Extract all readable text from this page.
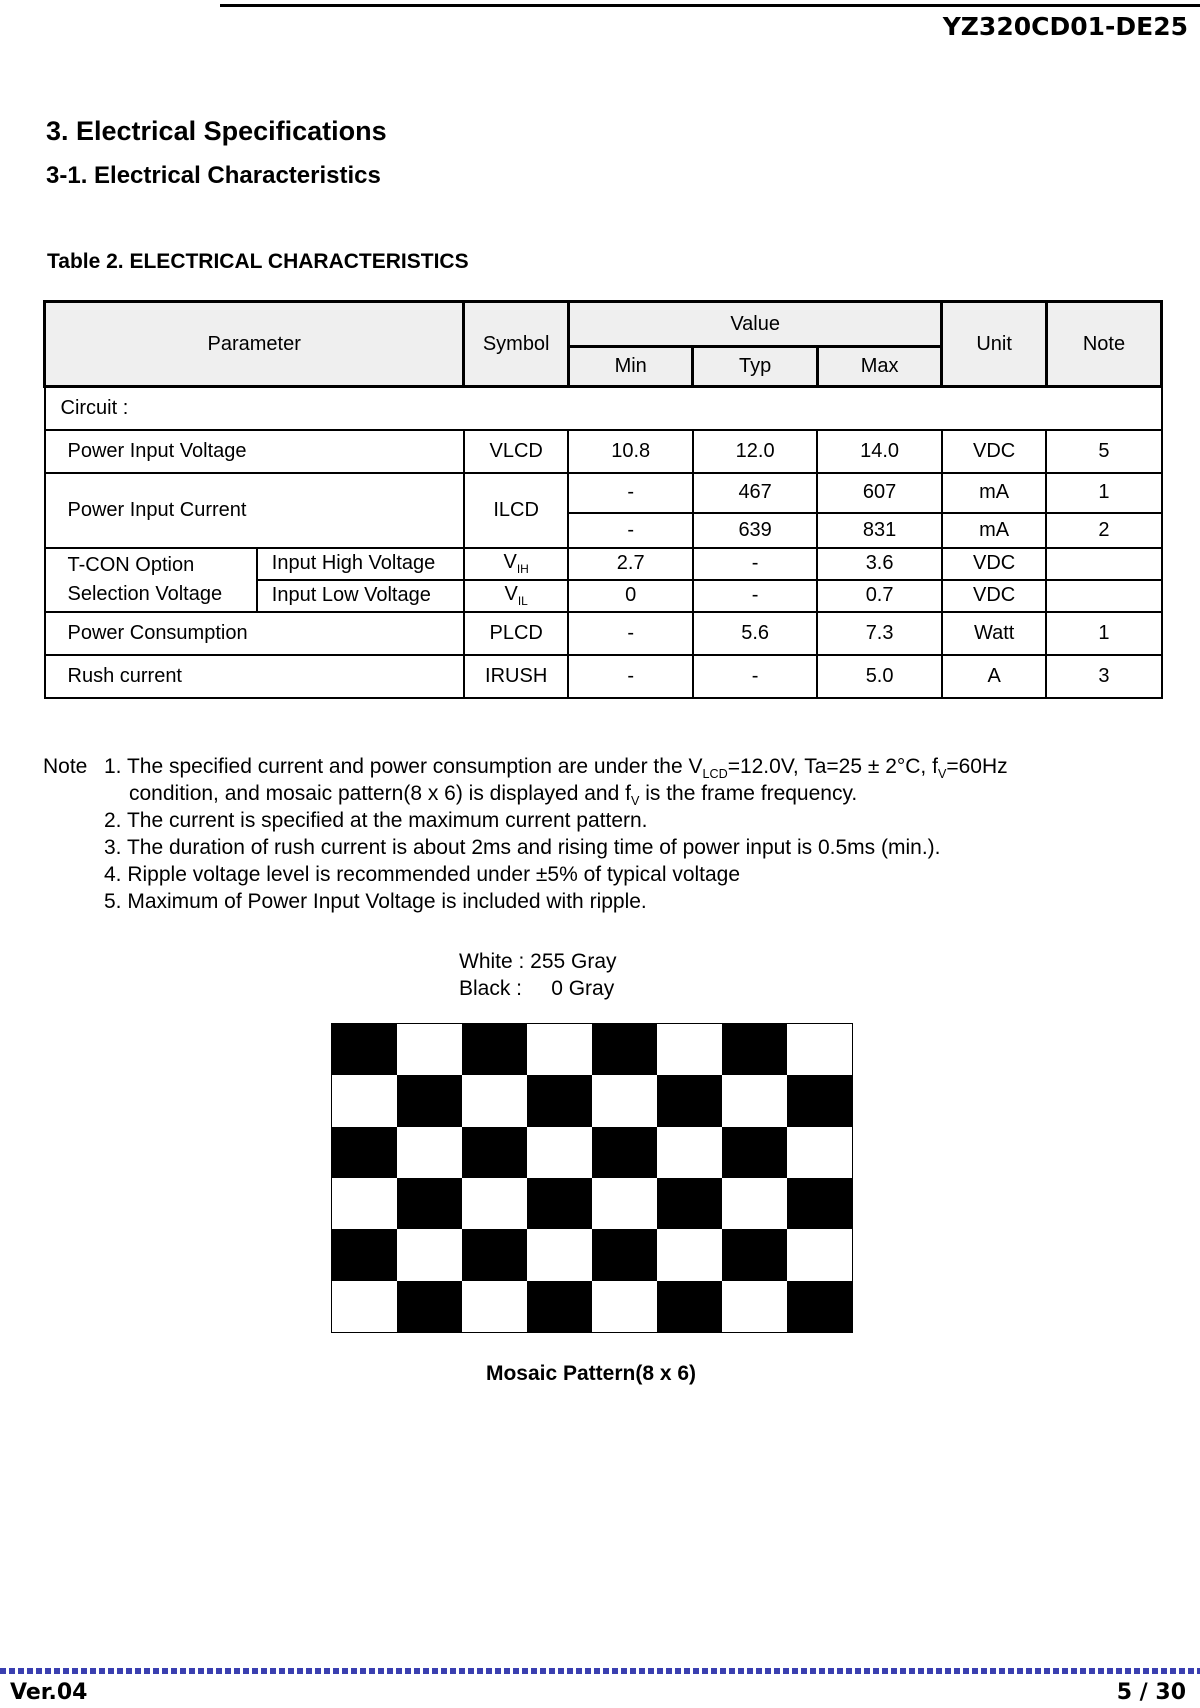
YZ320CD01-DE25
3. Electrical Specifications
3-1. Electrical Characteristics
Table 2. ELECTRICAL CHARACTERISTICS
Parameter		Symbol	Value			Unit	Note
			Min	Typ	Max		
Circuit :							
Power Input Voltage		VLCD	10.8	12.0	14.0	VDC	5
Power Input Current		ILCD	-	467	607	mA	1
			-	639	831	mA	2

T-CON Option
Selection Voltage	Input High Voltage	$V_{IH}$	2.7	-	3.6	VDC	
	Input Low Voltage	$V_{IL}$	0	-	0.7	VDC	
Power Consumption		PLCD	-	5.6	7.3	Watt	1
Rush current		IRUSH	-	-	5.0	A	3
Note 1. The specified current and power consumption are under the $V_{LCD}=12.0V$, Ta=25 ± 2°C, $f_V=60Hz$
condition, and mosaic pattern(8 x 6) is displayed and $f_V$ is the frame frequency.
2. The current is specified at the maximum current pattern.
3. The duration of rush current is about 2ms and rising time of power input is 0.5ms (min.).
4. Ripple voltage level is recommended under ±5% of typical voltage
5. Maximum of Power Input Voltage is included with ripple.
White : 255 Gray
Black :     0 Gray
Mosaic Pattern(8 x 6)
Ver.04	5 / 30
